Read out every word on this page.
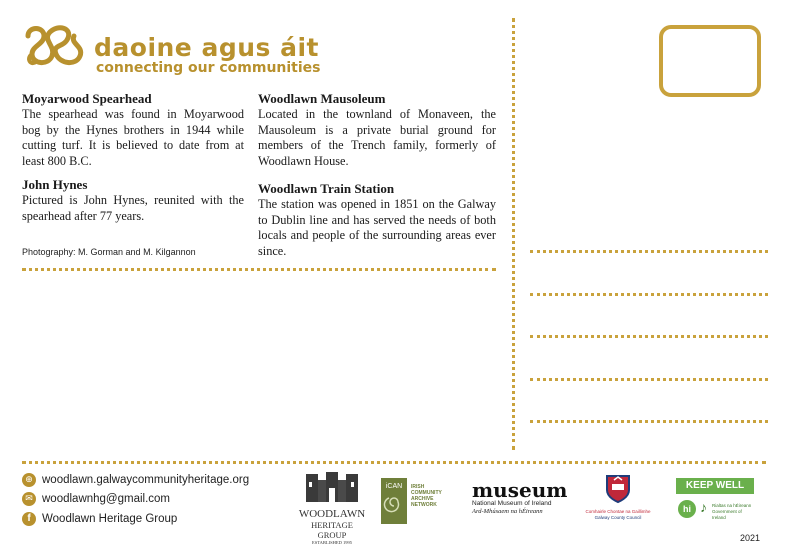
daoine agus áit
connecting our communities
Moyarwood Spearhead

The spearhead was found in Moyarwood bog by the Hynes brothers in 1944 while cutting turf. It is believed to date from at least 800 B.C.

John Hynes

Pictured is John Hynes, reunited with the spearhead after 77 years.

Photography: M. Gorman and M. Kilgannon
Woodlawn Mausoleum

Located in the townland of Monaveen, the Mausoleum is a private burial ground for members of the Trench family, formerly of Woodlawn House.

Woodlawn Train Station

The station was opened in 1851 on the Galway to Dublin line and has served the needs of both locals and people of the surrounding areas ever since.

⊕ woodlawn.galwaycommunityheritage.org
✉ woodlawnhg@gmail.com
f Woodlawn Heritage Group	WOODLAWN
HERITAGE GROUP
ESTABLISHED 1995
iCAN	IRISH
COMMUNITY
ARCHIVE
NETWORK
museum
National Museum of Ireland
Ard-Mhúsaem na hÉireann	Comhairle Chontae na Gaillimhe
Galway County Council
KEEP WELL
hi ♪	Rialtas na hÉireann
Government of Ireland
2021
